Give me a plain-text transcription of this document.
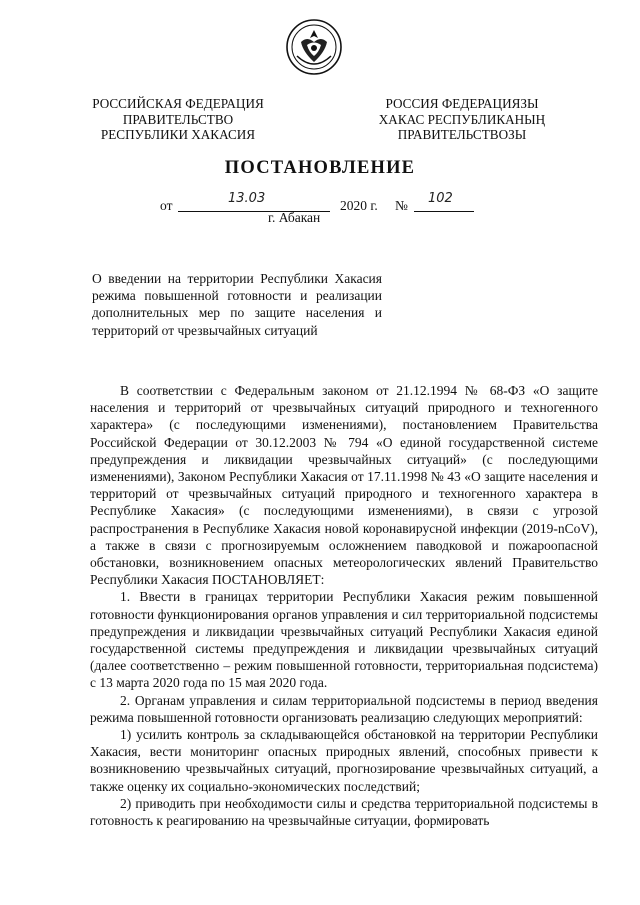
РОССИЙСКАЯ ФЕДЕРАЦИЯ
ПРАВИТЕЛЬСТВО
РЕСПУБЛИКИ ХАКАСИЯ
РОССИЯ ФЕДЕРАЦИЯЗЫ
ХАКАС РЕСПУБЛИКАНЫҢ
ПРАВИТЕЛЬСТВОЗЫ
ПОСТАНОВЛЕНИЕ
от	13.03	2020 г. № 102
г. Абакан
О введении на территории Республики Хакасия режима повышенной готовности и реализации дополнительных мер по защите населения и территорий от чрезвычайных ситуаций

В соответствии с Федеральным законом от 21.12.1994 № 68-ФЗ «О защите населения и территорий от чрезвычайных ситуаций природного и техногенного характера» (с последующими изменениями), постановлением Правительства Российской Федерации от 30.12.2003 № 794 «О единой государственной системе предупреждения и ликвидации чрезвычайных ситуаций» (с последующими изменениями), Законом Республики Хакасия от 17.11.1998 № 43 «О защите населения и территорий от чрезвычайных ситуаций природного и техногенного характера в Республике Хакасия» (с последующими изменениями), в связи с угрозой распространения в Республике Хакасия новой коронавирусной инфекции (2019-nCoV), а также в связи с прогнозируемым осложнением паводковой и пожароопасной обстановки, возникновением опасных метеорологических явлений Правительство Республики Хакасия ПОСТАНОВЛЯЕТ:

1. Ввести в границах территории Республики Хакасия режим повышенной готовности функционирования органов управления и сил территориальной подсистемы предупреждения и ликвидации чрезвычайных ситуаций Республики Хакасия единой государственной системы предупреждения и ликвидации чрезвычайных ситуаций (далее соответственно – режим повышенной готовности, территориальная подсистема) с 13 марта 2020 года по 15 мая 2020 года.

2. Органам управления и силам территориальной подсистемы в период введения режима повышенной готовности организовать реализацию следующих мероприятий:

1) усилить контроль за складывающейся обстановкой на территории Республики Хакасия, вести мониторинг опасных природных явлений, способных привести к возникновению чрезвычайных ситуаций, прогнозирование чрезвычайных ситуаций, а также оценку их социально-экономических последствий;

2) приводить при необходимости силы и средства территориальной подсистемы в готовность к реагированию на чрезвычайные ситуации, формировать
